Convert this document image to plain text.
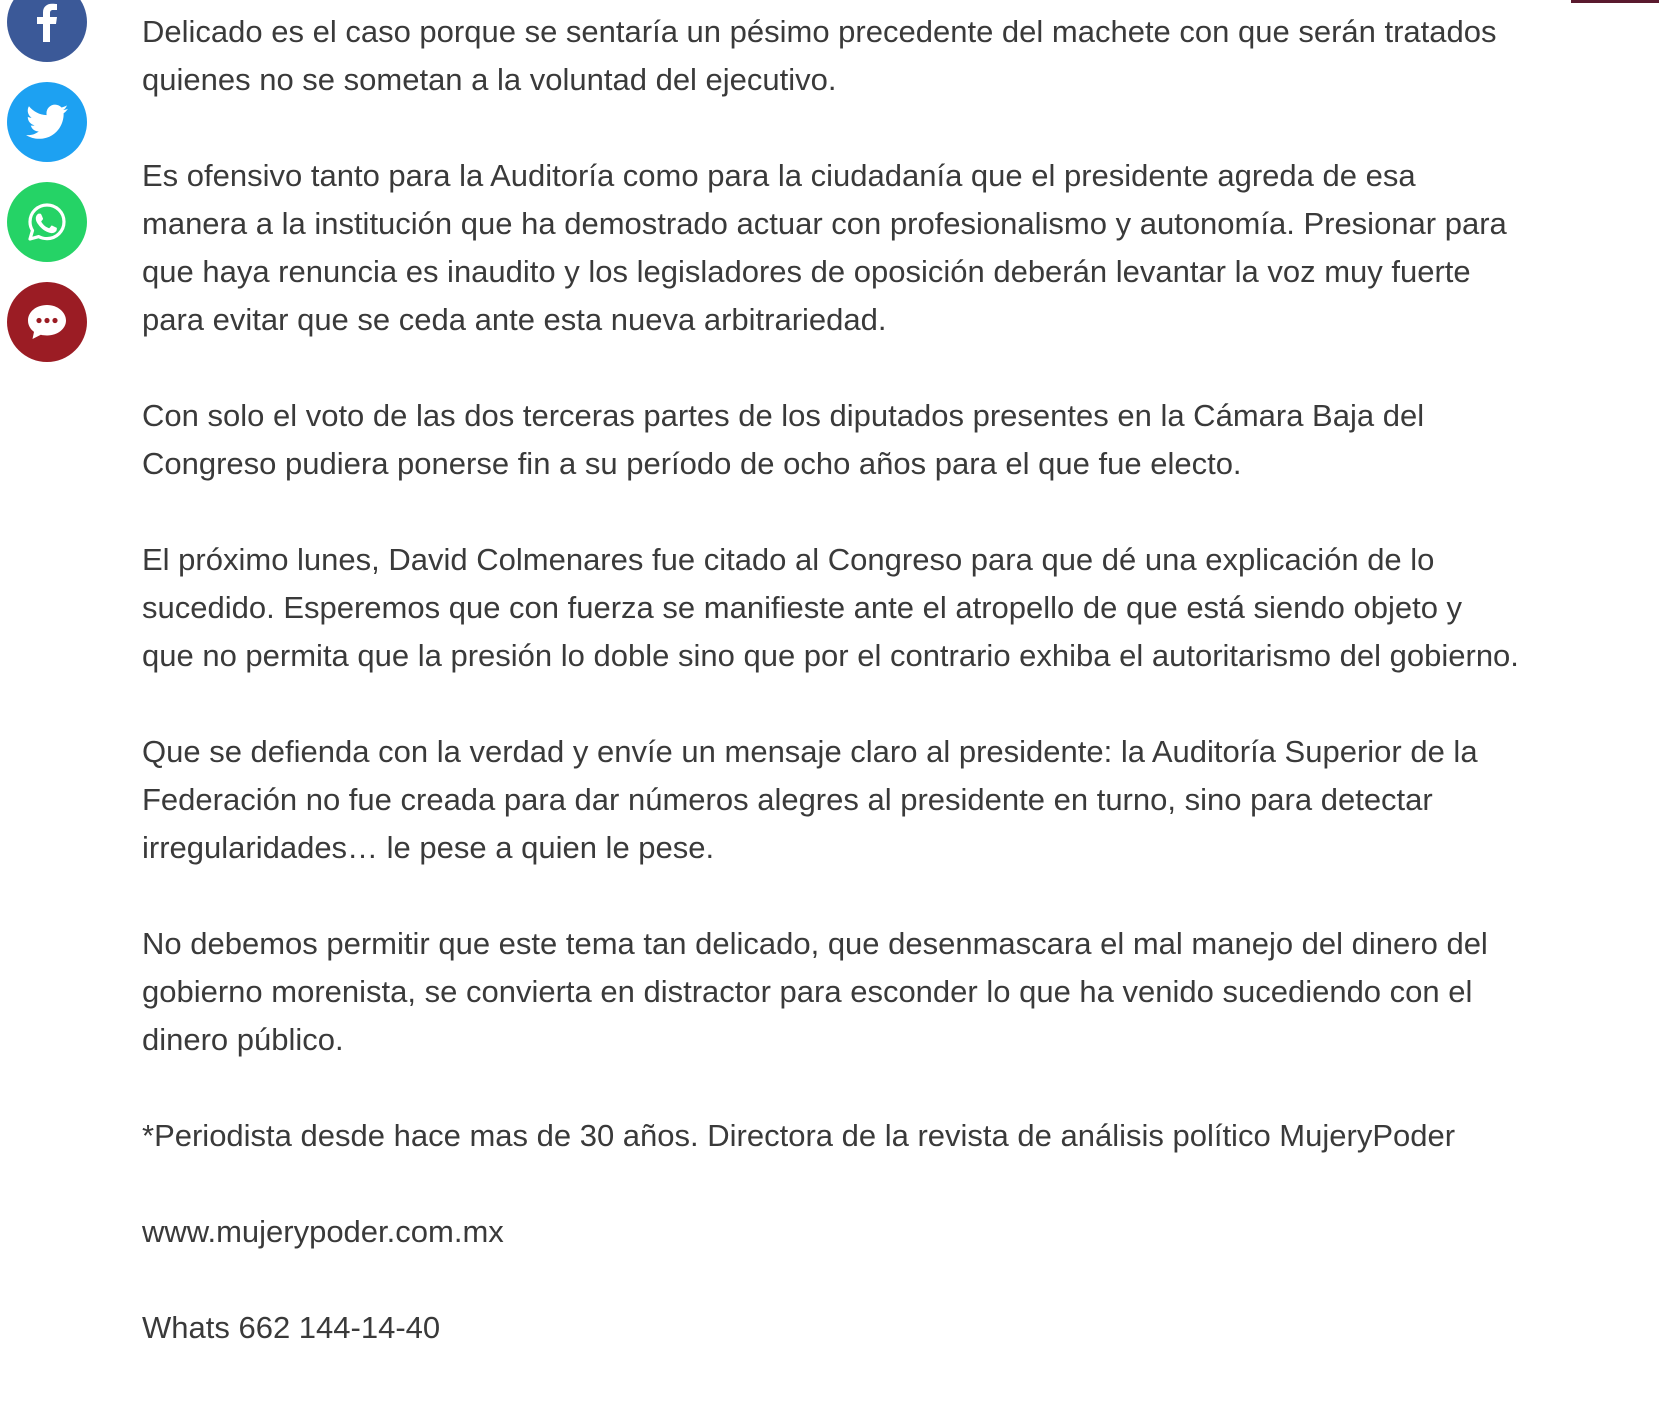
Delicado es el caso porque se sentaría un pésimo precedente del machete con que serán tratados quienes no se sometan a la voluntad del ejecutivo.

Es ofensivo tanto para la Auditoría como para la ciudadanía que el presidente agreda de esa manera a la institución que ha demostrado actuar con profesionalismo y autonomía. Presionar para que haya renuncia es inaudito y los legisladores de oposición deberán levantar la voz muy fuerte para evitar que se ceda ante esta nueva arbitrariedad.

Con solo el voto de las dos terceras partes de los diputados presentes en la Cámara Baja del Congreso pudiera ponerse fin a su período de ocho años para el que fue electo.

El próximo lunes, David Colmenares fue citado al Congreso para que dé una explicación de lo sucedido. Esperemos que con fuerza se manifieste ante el atropello de que está siendo objeto y que no permita que la presión lo doble sino que por el contrario exhiba el autoritarismo del gobierno.

Que se defienda con la verdad y envíe un mensaje claro al presidente: la Auditoría Superior de la Federación no fue creada para dar números alegres al presidente en turno, sino para detectar irregularidades… le pese a quien le pese.

No debemos permitir que este tema tan delicado, que desenmascara el mal manejo del dinero del gobierno morenista, se convierta en distractor para esconder lo que ha venido sucediendo con el dinero público.

*Periodista desde hace mas de 30 años. Directora de la revista de análisis político MujeryPoder

www.mujerypoder.com.mx

Whats 662 144-14-40
